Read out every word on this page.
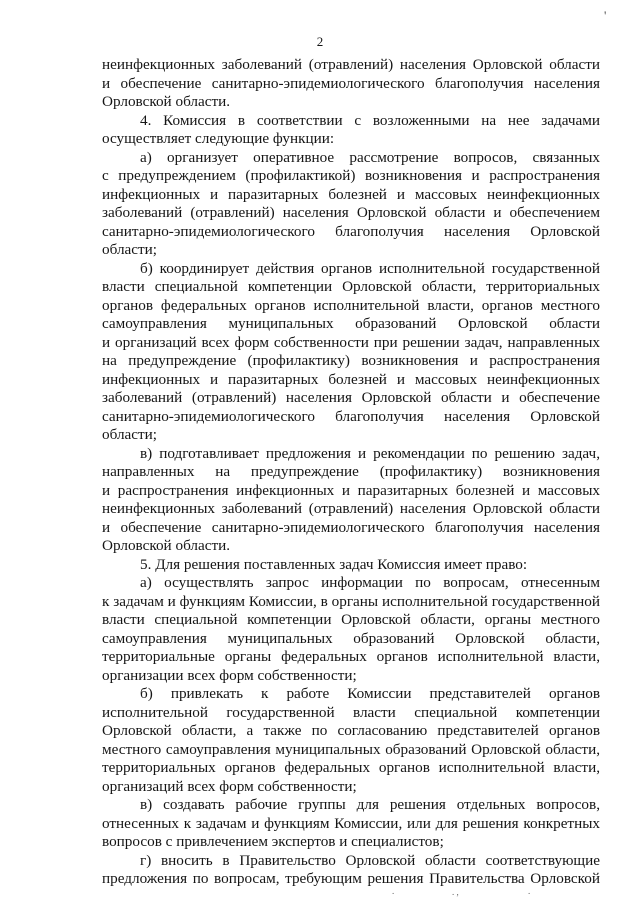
'
2
неинфекционных заболеваний (отравлений) населения Орловской области
и обеспечение санитарно-эпидемиологического благополучия населения
Орловской области.
4. Комиссия в соответствии с возложенными на нее задачами
осуществляет следующие функции:
а) организует оперативное рассмотрение вопросов, связанных
с предупреждением (профилактикой) возникновения и распространения
инфекционных и паразитарных болезней и массовых неинфекционных
заболеваний (отравлений) населения Орловской области и обеспечением
санитарно-эпидемиологического благополучия населения Орловской
области;
б) координирует действия органов исполнительной государственной
власти специальной компетенции Орловской области, территориальных
органов федеральных органов исполнительной власти, органов местного
самоуправления муниципальных образований Орловской области
и организаций всех форм собственности при решении задач, направленных
на предупреждение (профилактику) возникновения и распространения
инфекционных и паразитарных болезней и массовых неинфекционных
заболеваний (отравлений) населения Орловской области и обеспечение
санитарно-эпидемиологического благополучия населения Орловской
области;
в) подготавливает предложения и рекомендации по решению задач,
направленных на предупреждение (профилактику) возникновения
и распространения инфекционных и паразитарных болезней и массовых
неинфекционных заболеваний (отравлений) населения Орловской области
и обеспечение санитарно-эпидемиологического благополучия населения
Орловской области.
5. Для решения поставленных задач Комиссия имеет право:
а) осуществлять запрос информации по вопросам, отнесенным
к задачам и функциям Комиссии, в органы исполнительной государственной
власти специальной компетенции Орловской области, органы местного
самоуправления муниципальных образований Орловской области,
территориальные органы федеральных органов исполнительной власти,
организации всех форм собственности;
б) привлекать к работе Комиссии представителей органов
исполнительной государственной власти специальной компетенции
Орловской области, а также по согласованию представителей органов
местного самоуправления муниципальных образований Орловской области,
территориальных органов федеральных органов исполнительной власти,
организаций всех форм собственности;
в) создавать рабочие группы для решения отдельных вопросов,
отнесенных к задачам и функциям Комиссии, или для решения конкретных
вопросов с привлечением экспертов и специалистов;
г) вносить в Правительство Орловской области соответствующие
предложения по вопросам, требующим решения Правительства Орловской
.	. ,	.
